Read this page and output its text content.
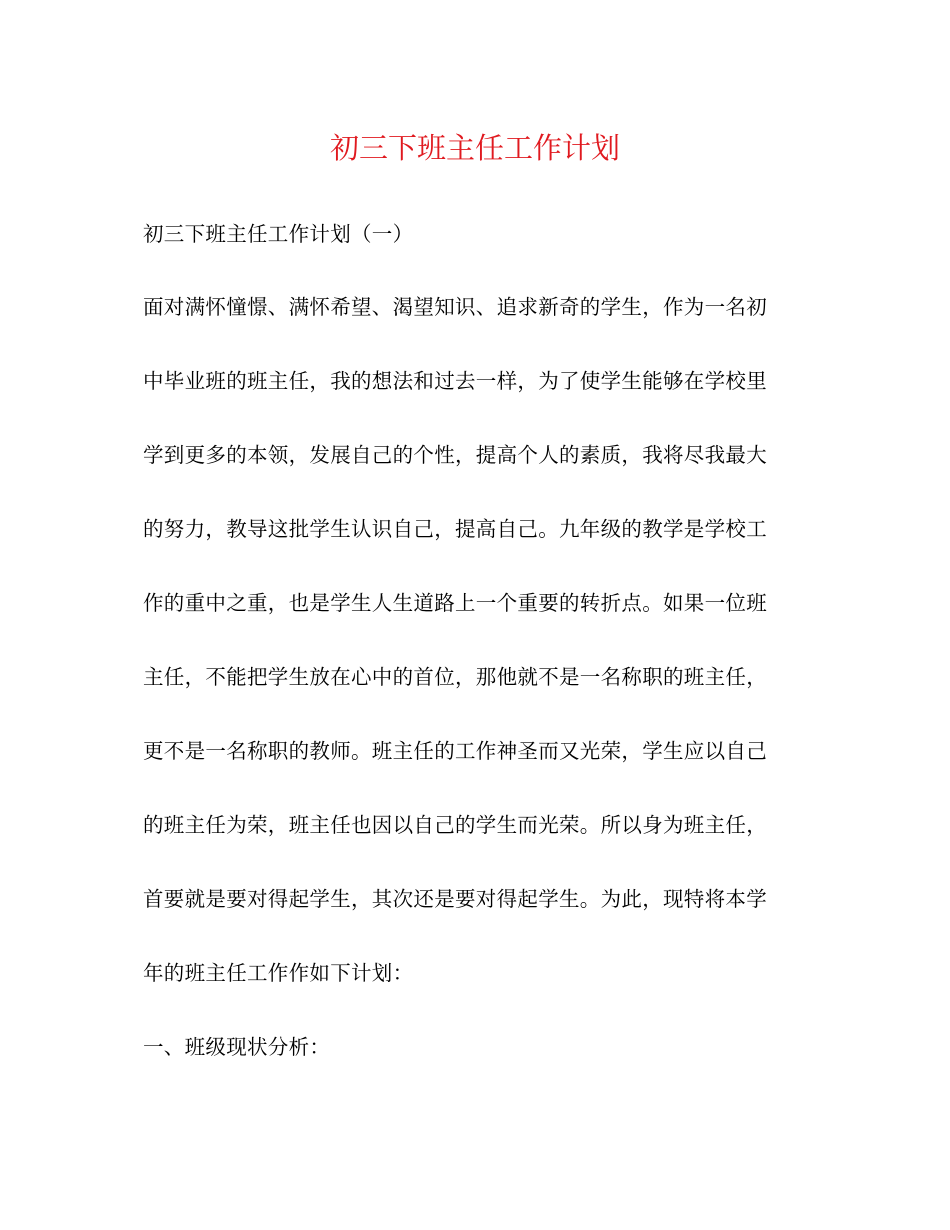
初三下班主任工作计划
初三下班主任工作计划（一）
面对满怀憧憬、满怀希望、渴望知识、追求新奇的学生，作为一名初
中毕业班的班主任，我的想法和过去一样，为了使学生能够在学校里
学到更多的本领，发展自己的个性，提高个人的素质，我将尽我最大
的努力，教导这批学生认识自己，提高自己。九年级的教学是学校工
作的重中之重，也是学生人生道路上一个重要的转折点。如果一位班
主任，不能把学生放在心中的首位，那他就不是一名称职的班主任，
更不是一名称职的教师。班主任的工作神圣而又光荣，学生应以自己
的班主任为荣，班主任也因以自己的学生而光荣。所以身为班主任，
首要就是要对得起学生，其次还是要对得起学生。为此，现特将本学
年的班主任工作作如下计划：
一、班级现状分析：
